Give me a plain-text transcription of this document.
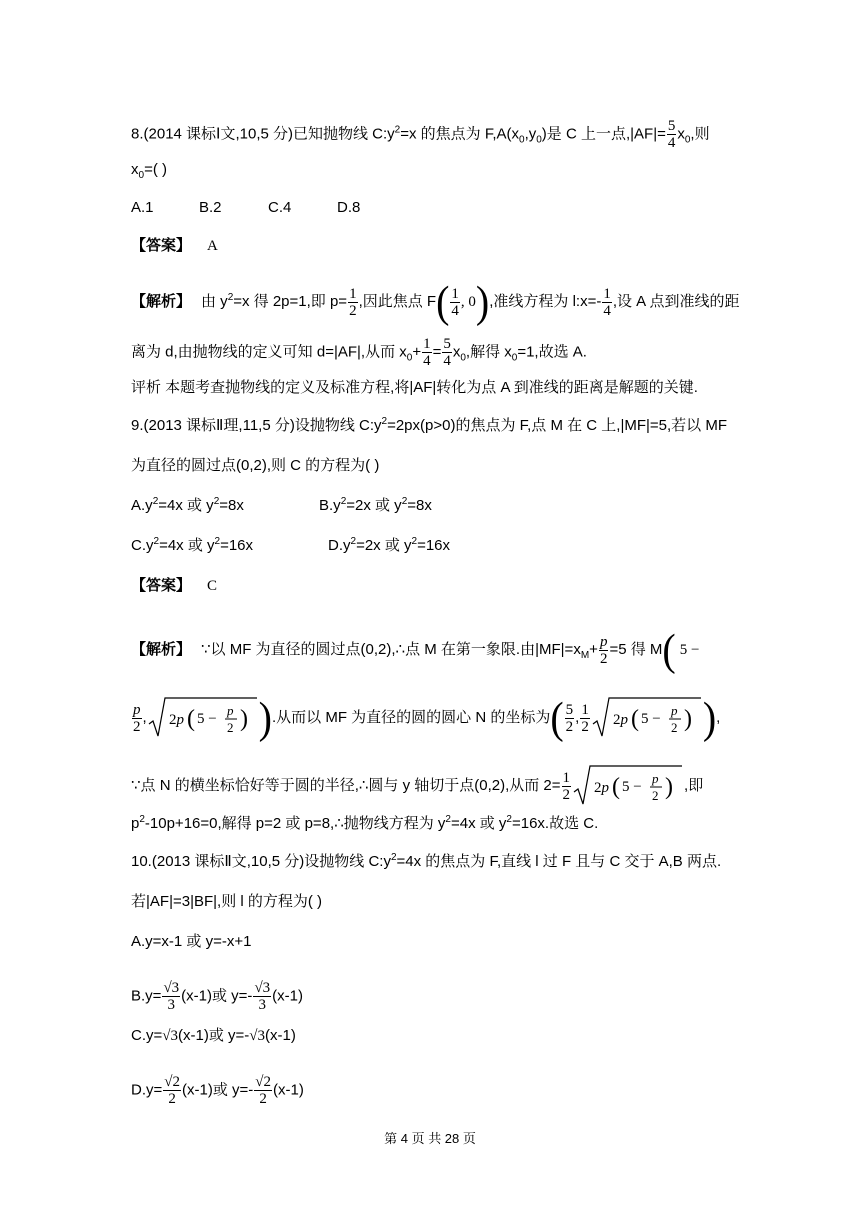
8.(2014 课标Ⅰ文,10,5 分)已知抛物线 $C:y^2=x$ 的焦点为 $F,A(x_0,y_0)$是 C 上一点$,|AF|= \frac{5}{4} x_0$,则
$x_0=$( )
A.1	B.2	C.4	D.8
【答案】 A
【解析】 由 $y^2=x$ 得 2p=1,即 $p= \frac{1}{2}$ ,因此焦点 $F( \frac{1}{4}$ , 0),准线方程为 l:x=- $\frac{1}{4}$ ,设 A 点到准线的距
离为 d,由抛物线的定义可知 d=|AF|,从而 $x_0+ \frac{1}{4} = \frac{5}{4} x_0$,解得 $x_0=1$,故选 A.
评析 本题考查抛物线的定义及标准方程,将|AF|转化为点 A 到准线的距离是解题的关键.
9.(2013 课标Ⅱ理,11,5 分)设抛物线 $C:y^2=2px(p>0)$的焦点为 F,点 M 在 C 上,|MF|=5,若以 MF
为直径的圆过点(0,2),则 C 的方程为( )
$A.y^2=4x$ 或 $y^2=8x$	$B.y^2=2x$ 或 $y^2=8x$
$C.y^2=4x$ 或 $y^2=16x$	$D.y^2=2x$ 或 $y^2=16x$
【答案】 C
【解析】 ∵以 MF 为直径的圆过点(0,2),∴点 M 在第一象限.由$|MF|=x_M+ \frac{p}{2} =5$ 得 M( 5 −
$\frac{p}{2}$ , 2p ( 5 −
p
2 ) ).从而以 MF 为直径的圆的圆心 N 的坐标为( $\frac{5}{2}$ , $\frac{1}{2} 2p$ ( 5 −
p
2 ) ),
∵点 N 的横坐标恰好等于圆的半径,∴圆与 y 轴切于点(0,2),从而 $2= \frac{1}{2} 2p$ ( 5 −
p
2 ) ,即
$p^2-10p+16=0$,解得 p=2 或 p=8,∴抛物线方程为 $y^2=4x$ 或 $y^2=16x$.故选 C.
10.(2013 课标Ⅱ文,10,5 分)设抛物线 $C:y^2=4x$ 的焦点为 F,直线 l 过 F 且与 C 交于 A,B 两点.
若|AF|=3|BF|,则 l 的方程为( )
A.y=x-1 或 y=-x+1
$B.y= \frac{√3}{3} (x-1)$或 $y=- \frac{√3}{3} (x-1)$
C.y=√3(x-1)或 y=-√3(x-1)
$D.y= \frac{√2}{2} (x-1)$或 $y=- \frac{√2}{2} (x-1)$
第 4 页 共 28 页
